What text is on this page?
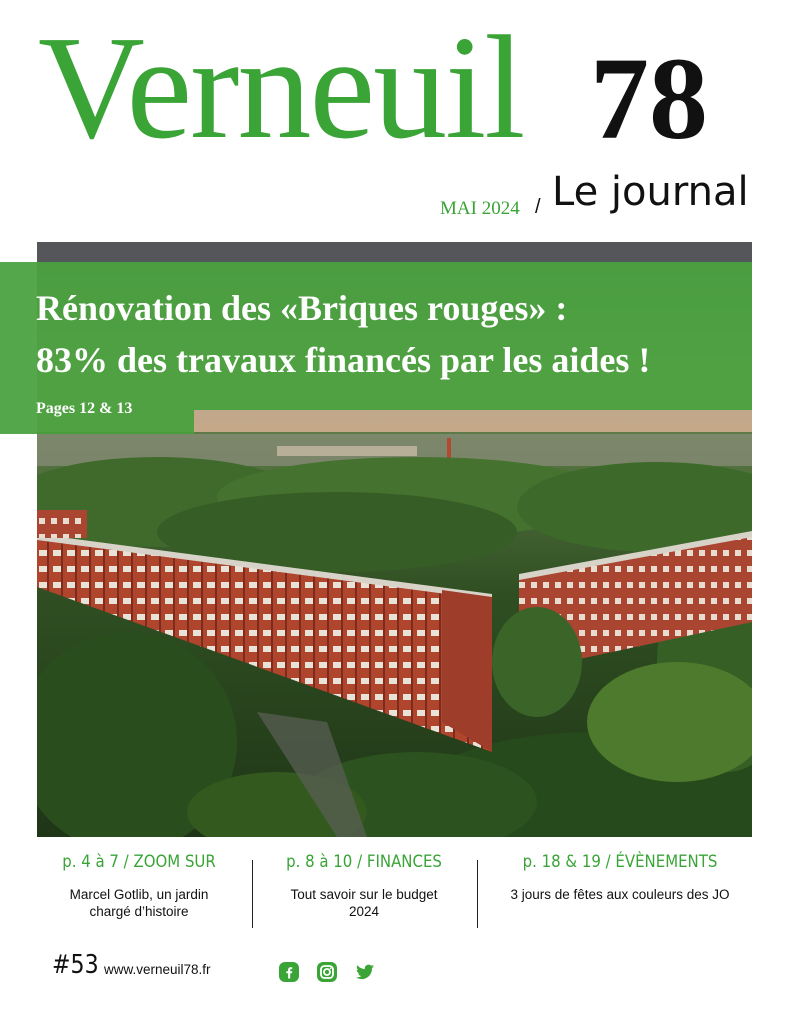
Verneuil 78
MAI 2024 / Le journal
Rénovation des «Briques rouges» :
83% des travaux financés par les aides !
Pages 12 & 13
p. 4 à 7 / ZOOM SUR
Marcel Gotlib, un jardin chargé d’histoire
p. 8 à 10 / FINANCES
Tout savoir sur le budget 2024
p. 18 & 19 / ÉVÈNEMENTS
3 jours de fêtes aux couleurs des JO
#53 www.verneuil78.fr
